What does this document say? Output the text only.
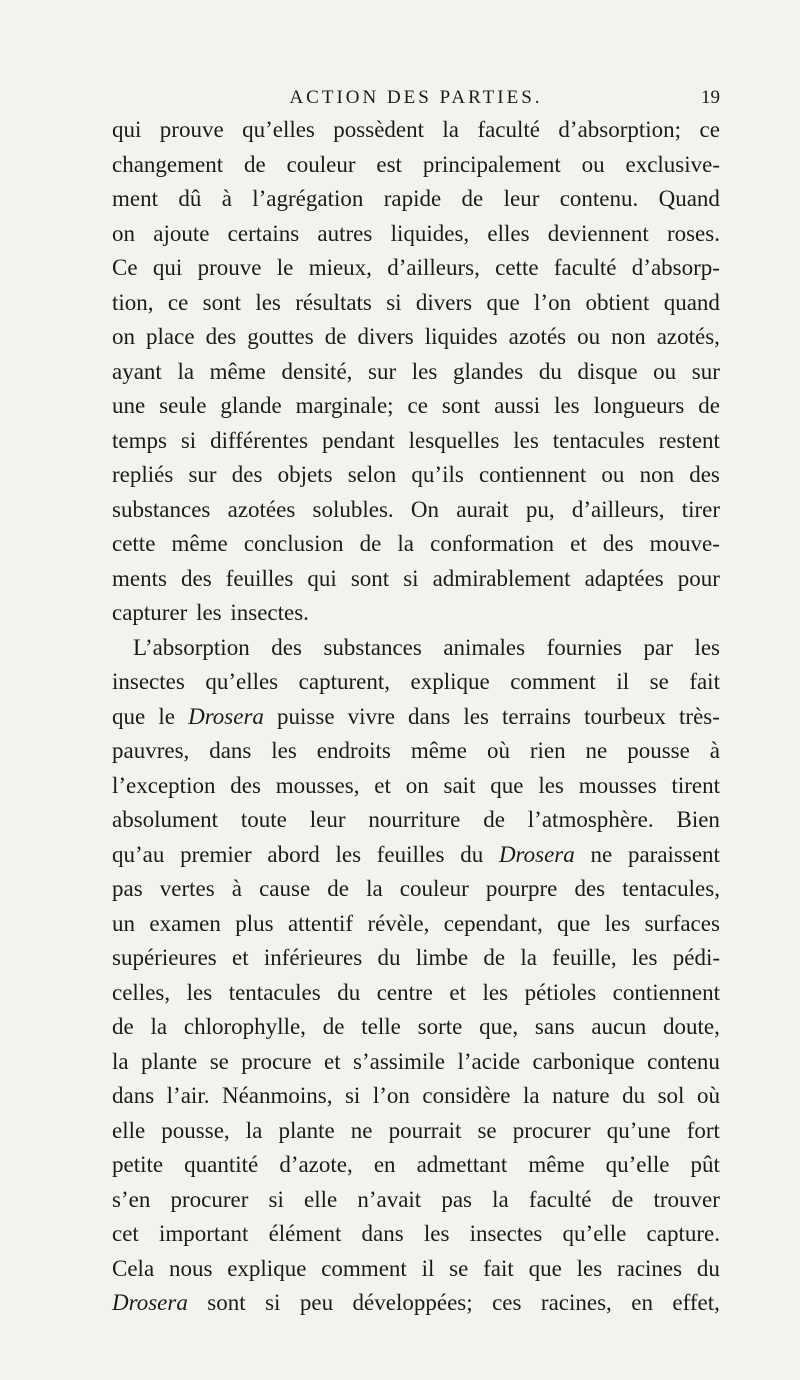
ACTION DES PARTIES.	19
qui prouve qu’elles possèdent la faculté d’absorption; ce
changement de couleur est principalement ou exclusive-
ment dû à l’agrégation rapide de leur contenu. Quand
on ajoute certains autres liquides, elles deviennent roses.
Ce qui prouve le mieux, d’ailleurs, cette faculté d’absorp-
tion, ce sont les résultats si divers que l’on obtient quand
on place des gouttes de divers liquides azotés ou non azotés,
ayant la même densité, sur les glandes du disque ou sur
une seule glande marginale; ce sont aussi les longueurs de
temps si différentes pendant lesquelles les tentacules restent
repliés sur des objets selon qu’ils contiennent ou non des
substances azotées solubles. On aurait pu, d’ailleurs, tirer
cette même conclusion de la conformation et des mouve-
ments des feuilles qui sont si admirablement adaptées pour
capturer les insectes.
L’absorption des substances animales fournies par les
insectes qu’elles capturent, explique comment il se fait
que le Drosera puisse vivre dans les terrains tourbeux très-
pauvres, dans les endroits même où rien ne pousse à
l’exception des mousses, et on sait que les mousses tirent
absolument toute leur nourriture de l’atmosphère. Bien
qu’au premier abord les feuilles du Drosera ne paraissent
pas vertes à cause de la couleur pourpre des tentacules,
un examen plus attentif révèle, cependant, que les surfaces
supérieures et inférieures du limbe de la feuille, les pédi-
celles, les tentacules du centre et les pétioles contiennent
de la chlorophylle, de telle sorte que, sans aucun doute,
la plante se procure et s’assimile l’acide carbonique contenu
dans l’air. Néanmoins, si l’on considère la nature du sol où
elle pousse, la plante ne pourrait se procurer qu’une fort
petite quantité d’azote, en admettant même qu’elle pût
s’en procurer si elle n’avait pas la faculté de trouver
cet important élément dans les insectes qu’elle capture.
Cela nous explique comment il se fait que les racines du
Drosera sont si peu développées; ces racines, en effet,
